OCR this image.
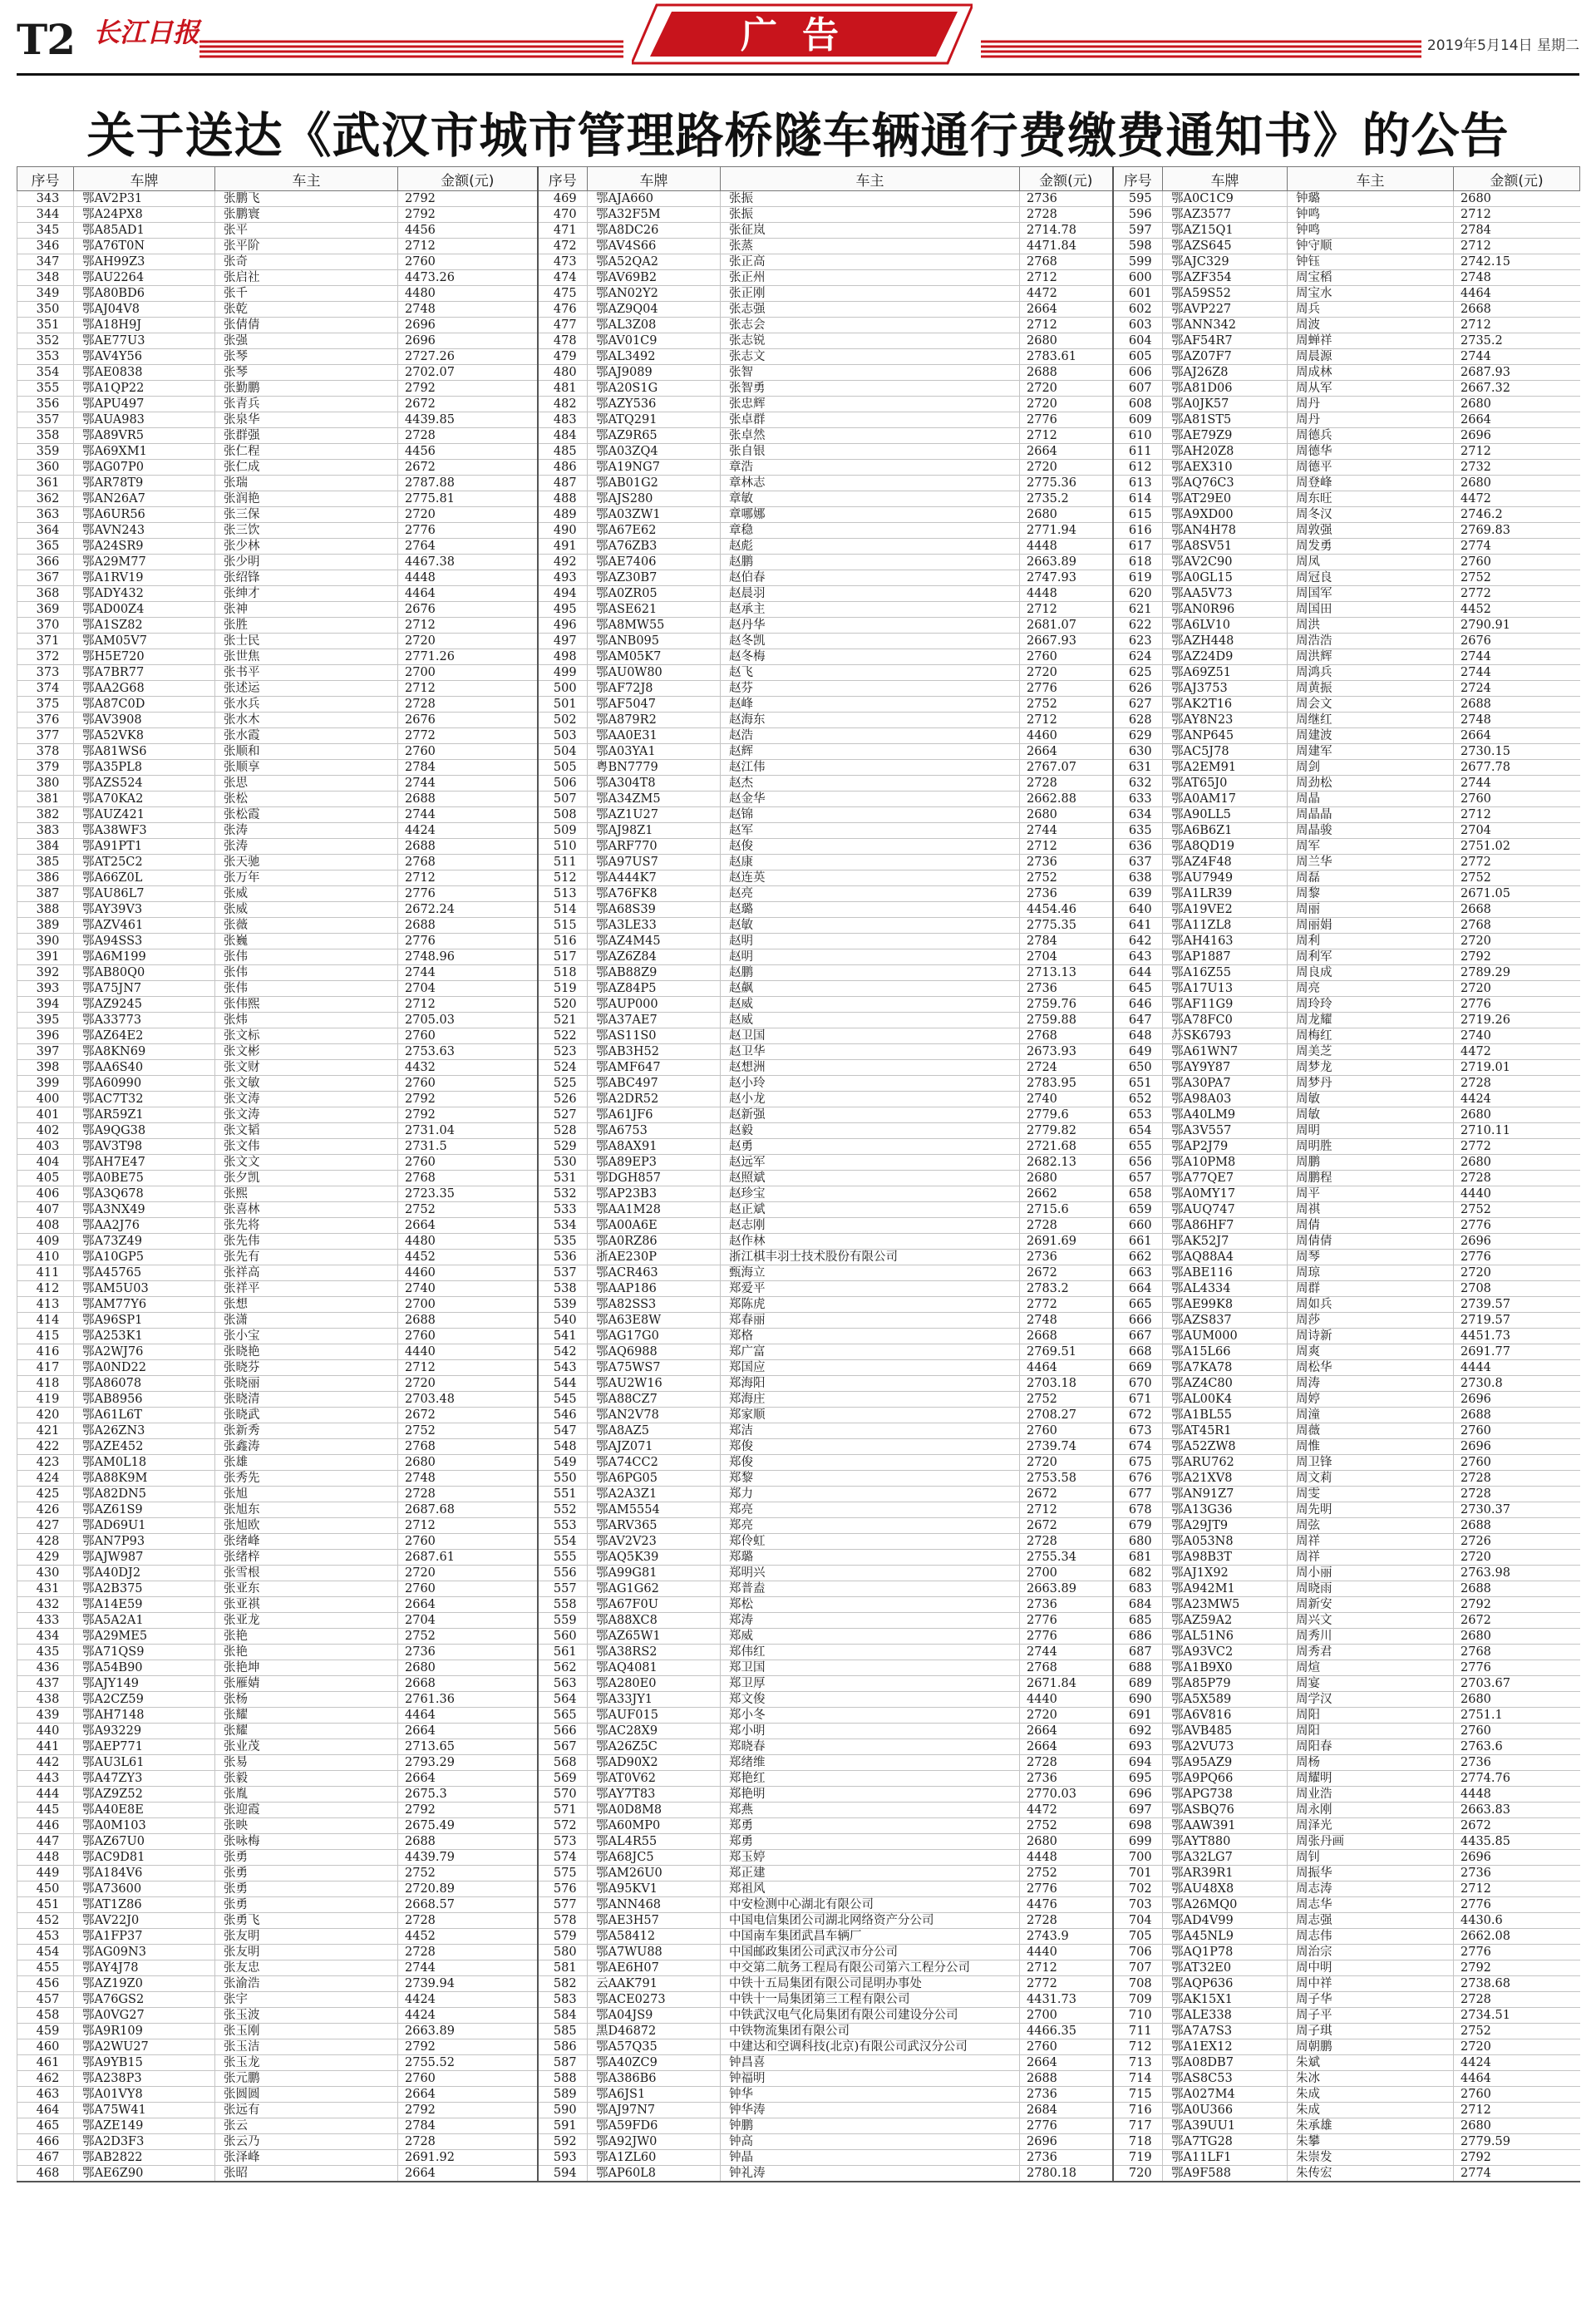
T2 长江日报	广告	2019年5月14日 星期二
关于送达《武汉市城市管理路桥隧车辆通行费缴费通知书》的公告
序号	车牌	车主	金额(元)	序号	车牌	车主	金额(元)	序号	车牌	车主	金额(元)
343	鄂AV2P31	张鹏飞	2792	469	鄂AJA660	张振	2736	595	鄂A0C1C9	钟璐	2680
344	鄂A24PX8	张鹏寰	2792	470	鄂A32F5M	张振	2728	596	鄂AZ3577	钟鸣	2712
345	鄂A85AD1	张平	4456	471	鄂A8DC26	张征岚	2714.78	597	鄂AZ15Q1	钟鸣	2784
346	鄂A76T0N	张平阶	2712	472	鄂AV4S66	张蒸	4471.84	598	鄂AZS645	钟守顺	2712
347	鄂AH99Z3	张奇	2760	473	鄂A52QA2	张正高	2768	599	鄂AJC329	钟钰	2742.15
348	鄂AU2264	张启社	4473.26	474	鄂AV69B2	张正州	2712	600	鄂AZF354	周宝稻	2748
349	鄂A80BD6	张千	4480	475	鄂AN02Y2	张正刚	4472	601	鄂A59S52	周宝水	4464
350	鄂AJ04V8	张乾	2748	476	鄂AZ9Q04	张志强	2664	602	鄂AVP227	周兵	2668
351	鄂A18H9J	张倩倩	2696	477	鄂AL3Z08	张志会	2712	603	鄂ANN342	周波	2712
352	鄂AE77U3	张强	2696	478	鄂AV01C9	张志锐	2680	604	鄂AF54R7	周蝉祥	2735.2
353	鄂AV4Y56	张琴	2727.26	479	鄂AL3492	张志文	2783.61	605	鄂AZ07F7	周晨源	2744
354	鄂AE0838	张琴	2702.07	480	鄂AJ9089	张智	2688	606	鄂AJ26Z8	周成林	2687.93
355	鄂A1QP22	张勤鹏	2792	481	鄂A20S1G	张智勇	2720	607	鄂A81D06	周从军	2667.32
356	鄂APU497	张青兵	2672	482	鄂AZY536	张忠辉	2720	608	鄂A0JK57	周丹	2680
357	鄂AUA983	张泉华	4439.85	483	鄂ATQ291	张卓群	2776	609	鄂A81ST5	周丹	2664
358	鄂A89VR5	张群强	2728	484	鄂AZ9R65	张卓然	2712	610	鄂AE79Z9	周德兵	2696
359	鄂A69XM1	张仁程	4456	485	鄂A03ZQ4	张自银	2664	611	鄂AH20Z8	周德华	2712
360	鄂AG07P0	张仁成	2672	486	鄂A19NG7	章浩	2720	612	鄂AEX310	周德平	2732
361	鄂AR78T9	张瑞	2787.88	487	鄂AB01G2	章林志	2775.36	613	鄂AQ76C3	周登峰	2680
362	鄂AN26A7	张润艳	2775.81	488	鄂AJS280	章敏	2735.2	614	鄂AT29E0	周东旺	4472
363	鄂A6UR56	张三保	2720	489	鄂A03ZW1	章哪娜	2680	615	鄂A9XD00	周冬汉	2746.2
364	鄂AVN243	张三饮	2776	490	鄂A67E62	章稳	2771.94	616	鄂AN4H78	周敦强	2769.83
365	鄂A24SR9	张少林	2764	491	鄂A76ZB3	赵彪	4448	617	鄂A8SV51	周发勇	2774
366	鄂A29M77	张少明	4467.38	492	鄂AE7406	赵鹏	2663.89	618	鄂AV2C90	周凤	2760
367	鄂A1RV19	张绍锋	4448	493	鄂AZ30B7	赵伯春	2747.93	619	鄂A0GL15	周冠良	2752
368	鄂ADY432	张绅才	4464	494	鄂A0ZR05	赵晨羽	4448	620	鄂AA5V73	周国军	2772
369	鄂AD00Z4	张神	2676	495	鄂ASE621	赵承主	2712	621	鄂AN0R96	周国田	4452
370	鄂A1SZ82	张胜	2712	496	鄂A8MW55	赵丹华	2681.07	622	鄂A6LV10	周洪	2790.91
371	鄂AM05V7	张士民	2720	497	鄂ANB095	赵冬凯	2667.93	623	鄂AZH448	周浩浩	2676
372	鄂H5E720	张世焦	2771.26	498	鄂AM05K7	赵冬梅	2760	624	鄂AZ24D9	周洪辉	2744
373	鄂A7BR77	张书平	2700	499	鄂AU0W80	赵飞	2720	625	鄂A69Z51	周鸿兵	2744
374	鄂AA2G68	张述运	2712	500	鄂AF72J8	赵芬	2776	626	鄂AJ3753	周黄振	2724
375	鄂A87C0D	张水兵	2728	501	鄂AF5047	赵峰	2752	627	鄂AK2T16	周会文	2688
376	鄂AV3908	张水木	2676	502	鄂A879R2	赵海东	2712	628	鄂AY8N23	周继红	2748
377	鄂A52VK8	张水霞	2772	503	鄂AA0E31	赵浩	4460	629	鄂ANP645	周建波	2664
378	鄂A81WS6	张顺和	2760	504	鄂A03YA1	赵辉	2664	630	鄂AC5J78	周建军	2730.15
379	鄂A35PL8	张顺享	2784	505	粤BN7779	赵江伟	2767.07	631	鄂A2EM91	周剑	2677.78
380	鄂AZS524	张思	2744	506	鄂A304T8	赵杰	2728	632	鄂AT65J0	周劲松	2744
381	鄂A70KA2	张松	2688	507	鄂A34ZM5	赵金华	2662.88	633	鄂A0AM17	周晶	2760
382	鄂AUZ421	张松霞	2744	508	鄂AZ1U27	赵锦	2680	634	鄂A90LL5	周晶晶	2712
383	鄂A38WF3	张涛	4424	509	鄂AJ98Z1	赵军	2744	635	鄂A6B6Z1	周晶骏	2704
384	鄂A91PT1	张涛	2688	510	鄂ARF770	赵俊	2712	636	鄂A8QD19	周军	2751.02
385	鄂AT25C2	张天驰	2768	511	鄂A97US7	赵康	2736	637	鄂AZ4F48	周兰华	2772
386	鄂A66Z0L	张万年	2712	512	鄂A444K7	赵连英	2752	638	鄂AU7949	周磊	2752
387	鄂AU86L7	张威	2776	513	鄂A76FK8	赵亮	2736	639	鄂A1LR39	周黎	2671.05
388	鄂AY39V3	张威	2672.24	514	鄂A68S39	赵璐	4454.46	640	鄂A19VE2	周丽	2668
389	鄂AZV461	张薇	2688	515	鄂A3LE33	赵敏	2775.35	641	鄂A11ZL8	周丽娟	2768
390	鄂A94SS3	张巍	2776	516	鄂AZ4M45	赵明	2784	642	鄂AH4163	周利	2720
391	鄂A6M199	张伟	2748.96	517	鄂AZ6Z84	赵明	2704	643	鄂AP1887	周利军	2792
392	鄂AB80Q0	张伟	2744	518	鄂AB88Z9	赵鹏	2713.13	644	鄂A16Z55	周良成	2789.29
393	鄂A75JN7	张伟	2704	519	鄂AZ84P5	赵飙	2736	645	鄂A17U13	周亮	2720
394	鄂AZ9245	张伟熙	2712	520	鄂AUP000	赵威	2759.76	646	鄂AF11G9	周玲玲	2776
395	鄂A33773	张炜	2705.03	521	鄂A37AE7	赵威	2759.88	647	鄂A78FC0	周龙耀	2719.26
396	鄂AZ64E2	张文标	2760	522	鄂AS11S0	赵卫国	2768	648	苏SK6793	周梅红	2740
397	鄂A8KN69	张文彬	2753.63	523	鄂AB3H52	赵卫华	2673.93	649	鄂A61WN7	周美芝	4472
398	鄂AA6S40	张文财	4432	524	鄂AMF647	赵想洲	2724	650	鄂AY9Y87	周梦龙	2719.01
399	鄂A60990	张文敏	2760	525	鄂ABC497	赵小玲	2783.95	651	鄂A30PA7	周梦丹	2728
400	鄂AC7T32	张文涛	2792	526	鄂A2DR52	赵小龙	2740	652	鄂A98A03	周敏	4424
401	鄂AR59Z1	张文涛	2792	527	鄂A61JF6	赵新强	2779.6	653	鄂A40LM9	周敏	2680
402	鄂A9QG38	张文韬	2731.04	528	鄂A6753	赵毅	2779.82	654	鄂A3V557	周明	2710.11
403	鄂AV3T98	张文伟	2731.5	529	鄂A8AX91	赵勇	2721.68	655	鄂AP2J79	周明胜	2772
404	鄂AH7E47	张文文	2760	530	鄂A89EP3	赵远军	2682.13	656	鄂A10PM8	周鹏	2680
405	鄂A0BE75	张夕凯	2768	531	鄂DGH857	赵照斌	2680	657	鄂A77QE7	周鹏程	2728
406	鄂A3Q678	张熙	2723.35	532	鄂AP23B3	赵珍宝	2662	658	鄂A0MY17	周平	4440
407	鄂A3NX49	张喜林	2752	533	鄂AA1M28	赵正斌	2715.6	659	鄂AUQ747	周祺	2752
408	鄂AA2J76	张先将	2664	534	鄂A00A6E	赵志刚	2728	660	鄂A86HF7	周倩	2776
409	鄂A73Z49	张先伟	4480	535	鄂A0RZ86	赵作林	2691.69	661	鄂AK52J7	周倩倩	2696
410	鄂A10GP5	张先有	4452	536	浙AE230P	浙江棋丰羽士技术股份有限公司	2736	662	鄂AQ88A4	周琴	2776
411	鄂A45765	张祥高	4460	537	鄂ACR463	甄海立	2672	663	鄂ABE116	周琼	2720
412	鄂AM5U03	张祥平	2740	538	鄂AAP186	郑爱平	2783.2	664	鄂AL4334	周群	2708
413	鄂AM77Y6	张想	2700	539	鄂A82SS3	郑陈虎	2772	665	鄂AE99K8	周如兵	2739.57
414	鄂A96SP1	张潇	2688	540	鄂A63E8W	郑春丽	2748	666	鄂AZS837	周莎	2719.57
415	鄂A253K1	张小宝	2760	541	鄂AG17G0	郑格	2668	667	鄂AUM000	周诗新	4451.73
416	鄂A2WJ76	张晓艳	4440	542	鄂AQ6988	郑广富	2769.51	668	鄂A15L66	周爽	2691.77
417	鄂A0ND22	张晓芬	2712	543	鄂A75WS7	郑国应	4464	669	鄂A7KA78	周松华	4444
418	鄂A86078	张晓丽	2720	544	鄂AU2W16	郑海阳	2703.18	670	鄂AZ4C80	周涛	2730.8
419	鄂AB8956	张晓清	2703.48	545	鄂A88CZ7	郑海庄	2752	671	鄂AL00K4	周婷	2696
420	鄂A61L6T	张晓武	2672	546	鄂AN2V78	郑家顺	2708.27	672	鄂A1BL55	周潼	2688
421	鄂A26ZN3	张新秀	2752	547	鄂A8AZ5	郑洁	2760	673	鄂AT45R1	周薇	2760
422	鄂AZE452	张鑫涛	2768	548	鄂AJZ071	郑俊	2739.74	674	鄂A52ZW8	周惟	2696
423	鄂AM0L18	张雄	2680	549	鄂A74CC2	郑俊	2720	675	鄂ARU762	周卫锋	2760
424	鄂A88K9M	张秀先	2748	550	鄂A6PG05	郑黎	2753.58	676	鄂A21XV8	周文莉	2728
425	鄂A82DN5	张旭	2728	551	鄂A2A3Z1	郑力	2672	677	鄂AN91Z7	周雯	2728
426	鄂AZ61S9	张旭东	2687.68	552	鄂AM5554	郑亮	2712	678	鄂A13G36	周先明	2730.37
427	鄂AD69U1	张旭欧	2712	553	鄂ARV365	郑亮	2672	679	鄂A29JT9	周弦	2688
428	鄂AN7P93	张绪峰	2760	554	鄂AV2V23	郑伶虹	2728	680	鄂A053N8	周祥	2726
429	鄂AJW987	张绪梓	2687.61	555	鄂AQ5K39	郑璐	2755.34	681	鄂A98B3T	周祥	2720
430	鄂A40DJ2	张雪根	2720	556	鄂A99G81	郑明兴	2700	682	鄂AJ1X92	周小丽	2763.98
431	鄂A2B375	张亚东	2760	557	鄂AG1G62	郑普盍	2663.89	683	鄂A942M1	周晓雨	2688
432	鄂A14E59	张亚祺	2664	558	鄂A67F0U	郑松	2736	684	鄂A23MW5	周新安	2792
433	鄂A5A2A1	张亚龙	2704	559	鄂A88XC8	郑涛	2776	685	鄂AZ59A2	周兴文	2672
434	鄂A29ME5	张艳	2752	560	鄂AZ65W1	郑威	2776	686	鄂AL51N6	周秀川	2680
435	鄂A71QS9	张艳	2736	561	鄂A38RS2	郑伟红	2744	687	鄂A93VC2	周秀君	2768
436	鄂A54B90	张艳坤	2680	562	鄂AQ4081	郑卫国	2768	688	鄂A1B9X0	周煊	2776
437	鄂AJY149	张雁婧	2668	563	鄂A280E0	郑卫厚	2671.84	689	鄂A85P79	周宴	2703.67
438	鄂A2CZ59	张杨	2761.36	564	鄂A33JY1	郑文俊	4440	690	鄂A5X589	周学汉	2680
439	鄂AH7148	张耀	4464	565	鄂AUF015	郑小冬	2720	691	鄂A6V816	周阳	2751.1
440	鄂A93229	张耀	2664	566	鄂AC28X9	郑小明	2664	692	鄂AVB485	周阳	2760
441	鄂AEP771	张业茂	2713.65	567	鄂A26Z5C	郑晓春	2664	693	鄂A2VU73	周阳春	2763.6
442	鄂AU3L61	张易	2793.29	568	鄂AD90X2	郑绪维	2728	694	鄂A95AZ9	周杨	2736
443	鄂A47ZY3	张毅	2664	569	鄂AT0V62	郑艳红	2736	695	鄂A9PQ66	周耀明	2774.76
444	鄂AZ9Z52	张胤	2675.3	570	鄂AY7T83	郑艳明	2770.03	696	鄂APG738	周业浩	4448
445	鄂A40E8E	张迎霞	2792	571	鄂A0D8M8	郑燕	4472	697	鄂ASBQ76	周永刚	2663.83
446	鄂A0M103	张映	2675.49	572	鄂A60MP0	郑勇	2752	698	鄂AAW391	周泽光	2672
447	鄂AZ67U0	张咏梅	2688	573	鄂AL4R55	郑勇	2680	699	鄂AYT880	周张丹画	4435.85
448	鄂AC9D81	张勇	4439.79	574	鄂A68JC5	郑玉婷	4448	700	鄂A32LG7	周钊	2696
449	鄂A184V6	张勇	2752	575	鄂AM26U0	郑正建	2752	701	鄂AR39R1	周振华	2736
450	鄂A73600	张勇	2720.89	576	鄂A95KV1	郑祖风	2776	702	鄂AU48X8	周志涛	2712
451	鄂AT1Z86	张勇	2668.57	577	鄂ANN468	中安检测中心湖北有限公司	4476	703	鄂A26MQ0	周志华	2776
452	鄂AV22J0	张勇飞	2728	578	鄂AE3H57	中国电信集团公司湖北网络资产分公司	2728	704	鄂AD4V99	周志强	4430.6
453	鄂A1FP37	张友明	4452	579	鄂A58412	中国南车集团武昌车辆厂	2743.9	705	鄂A45NL9	周志伟	2662.08
454	鄂AG09N3	张友明	2728	580	鄂A7WU88	中国邮政集团公司武汉市分公司	4440	706	鄂AQ1P78	周治宗	2776
455	鄂AY4J78	张友忠	2744	581	鄂AE6H07	中交第二航务工程局有限公司第六工程分公司	2712	707	鄂AT32E0	周中明	2792
456	鄂AZ19Z0	张渝浩	2739.94	582	云AAK791	中铁十五局集团有限公司昆明办事处	2772	708	鄂AQP636	周中祥	2738.68
457	鄂A76GS2	张宇	4424	583	鄂ACE0273	中铁十一局集团第三工程有限公司	4431.73	709	鄂AK15X1	周子华	2728
458	鄂A0VG27	张玉波	4424	584	鄂A04JS9	中铁武汉电气化局集团有限公司建设分公司	2700	710	鄂ALE338	周子平	2734.51
459	鄂A9R109	张玉刚	2663.89	585	黑D46872	中铁物流集团有限公司	4466.35	711	鄂A7A7S3	周子琪	2752
460	鄂A2WU27	张玉洁	2792	586	鄂A57Q35	中建达和空调科技(北京)有限公司武汉分公司	2760	712	鄂A1EX12	周朝鹏	2720
461	鄂A9YB15	张玉龙	2755.52	587	鄂A40ZC9	钟昌喜	2664	713	鄂A08DB7	朱斌	4424
462	鄂A238P3	张元鹏	2760	588	鄂A386B6	钟福明	2688	714	鄂AS8C53	朱冰	4464
463	鄂A01VY8	张圆圆	2664	589	鄂A6JS1	钟华	2736	715	鄂A027M4	朱成	2760
464	鄂A75W41	张远有	2792	590	鄂AJ97N7	钟华涛	2684	716	鄂A0U366	朱成	2712
465	鄂AZE149	张云	2784	591	鄂A59FD6	钟鹏	2776	717	鄂A39UU1	朱承雄	2680
466	鄂A2D3F3	张云乃	2728	592	鄂A92JW0	钟高	2696	718	鄂A7TG28	朱攀	2779.59
467	鄂AB2822	张泽峰	2691.92	593	鄂A1ZL60	钟晶	2736	719	鄂A11LF1	朱崇发	2792
468	鄂AE6Z90	张昭	2664	594	鄂AP60L8	钟礼涛	2780.18	720	鄂A9F588	朱传宏	2774
